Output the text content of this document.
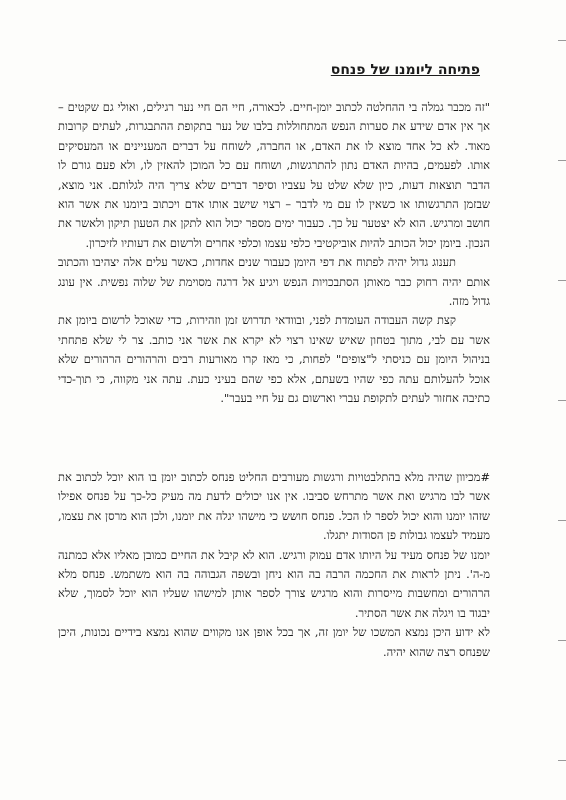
פתיחה ליומנו של פנחס

"זה מכבר גמלה בי ההחלטה לכתוב יומן-חיים. לכאורה, חיי הם חיי נער רגילים, ואולי גם שקטים – אך אין אדם שידע את סערות הנפש המתחוללות בלבו של נער בתקופת ההתבגרות, לעתים קרובות מאוד. לא כל אחד מוצא לו את האדם, או החברה, לשוחח על דברים המעניינים או המעסיקים אותו. לפעמים, בהיות האדם נתון להתרגשות, ושוחח עם כל המוכן להאזין לו, ולא פעם גורם לו הדבר תוצאות דעות, כיון שלא שלט על עצביו וסיפר דברים שלא צריך היה לגלותם. אני מוצא, שבזמן התרגשותו או כשאין לו עם מי לדבר – רצוי שישב אותו אדם ויכתוב ביומנו את אשר הוא חושב ומרגיש. הוא לא יצטער על כך. כעבור ימים מספר יכול הוא לתקן את הטעון תיקון ולאשר את הנכון. ביומן יכול הכותב להיות אוביקטיבי כלפי עצמו וכלפי אחרים ולרשום את דעותיו לזיכרון.

תענוג גדול יהיה לפתוח את דפי היומן כעבור שנים אחדות, כאשר עלים אלה יצהיבו והכתוב אותם יהיה רחוק כבר מאותן הסתבכויות הנפש ויגיע אל דרגה מסוימת של שלוה נפשית. אין עונג גדול מזה.

קצת קשה העבודה העומדת לפני, ובוודאי תדרוש זמן וזהירות, כדי שאוכל לרשום ביומן את אשר עם לבי, מתוך בטחון שאיש שאינו רצוי לא יקרא את אשר אני כותב. צר לי שלא פתחתי בניהול היומן עם כניסתי ל"צופים" לפחות, כי מאז קרו מאורעות רבים והרהורים הרהורים שלא אוכל להעלותם עתה כפי שהיו בשעתם, אלא כפי שהם בעיני כעת. עתה אני מקווה, כי תוך-כדי כתיבה אחזור לעתים לתקופת עברי וארשום גם על חיי בעבר".

#מכיוון שהיה מלא בהתלבטויות ורגשות מעורבים החליט פנחס לכתוב יומן בו הוא יוכל לכתוב את אשר לבו מרגיש ואת אשר מתרחש סביבו. אין אנו יכולים לדעת מה מעיק כל-כך על פנחס אפילו שזהו יומנו והוא יכול לספר לו הכל. פנחס חושש כי מישהו יגלה את יומנו, ולכן הוא מרסן את עצמו, מעמיד לעצמו גבולות פן הסודות יתגלו.

יומנו של פנחס מעיד על היותו אדם עמוק ורגיש. הוא לא קיבל את החיים כמובן מאליו אלא כמתנה מ-ה'. ניתן לראות את החכמה הרבה בה הוא ניחן ובשפה הגבוהה בה הוא משתמש. פנחס מלא הרהורים ומחשבות מייסרות והוא מרגיש צורך לספר אותן למישהו שעליו הוא יוכל לסמוך, שלא יבגוד בו ויגלה את אשר הסתיר.

לא ידוע היכן נמצא המשכו של יומן זה, אך בכל אופן אנו מקווים שהוא נמצא בידיים נכונות, היכן שפנחס רצה שהוא יהיה.
